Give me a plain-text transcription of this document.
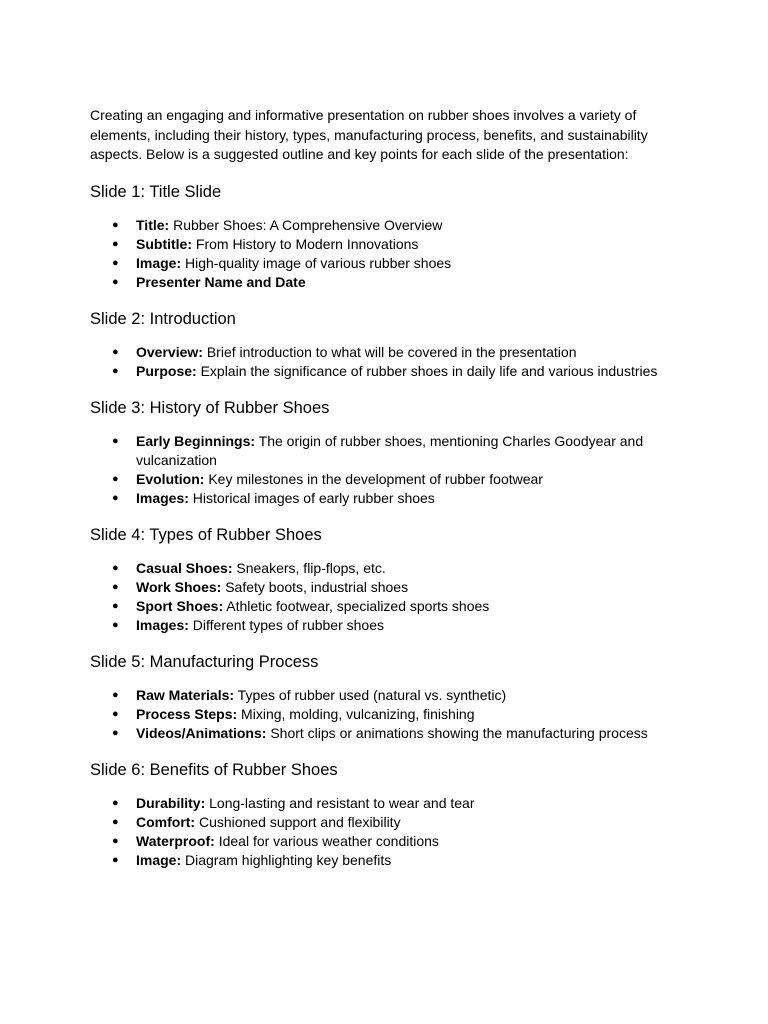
Creating an engaging and informative presentation on rubber shoes involves a variety of elements, including their history, types, manufacturing process, benefits, and sustainability aspects. Below is a suggested outline and key points for each slide of the presentation:

Slide 1: Title Slide
● Title: Rubber Shoes: A Comprehensive Overview
● Subtitle: From History to Modern Innovations
● Image: High-quality image of various rubber shoes
● Presenter Name and Date
Slide 2: Introduction
● Overview: Brief introduction to what will be covered in the presentation
● Purpose: Explain the significance of rubber shoes in daily life and various industries
Slide 3: History of Rubber Shoes
● Early Beginnings: The origin of rubber shoes, mentioning Charles Goodyear and vulcanization
● Evolution: Key milestones in the development of rubber footwear
● Images: Historical images of early rubber shoes
Slide 4: Types of Rubber Shoes
● Casual Shoes: Sneakers, flip-flops, etc.
● Work Shoes: Safety boots, industrial shoes
● Sport Shoes: Athletic footwear, specialized sports shoes
● Images: Different types of rubber shoes
Slide 5: Manufacturing Process
● Raw Materials: Types of rubber used (natural vs. synthetic)
● Process Steps: Mixing, molding, vulcanizing, finishing
● Videos/Animations: Short clips or animations showing the manufacturing process
Slide 6: Benefits of Rubber Shoes
● Durability: Long-lasting and resistant to wear and tear
● Comfort: Cushioned support and flexibility
● Waterproof: Ideal for various weather conditions
● Image: Diagram highlighting key benefits
